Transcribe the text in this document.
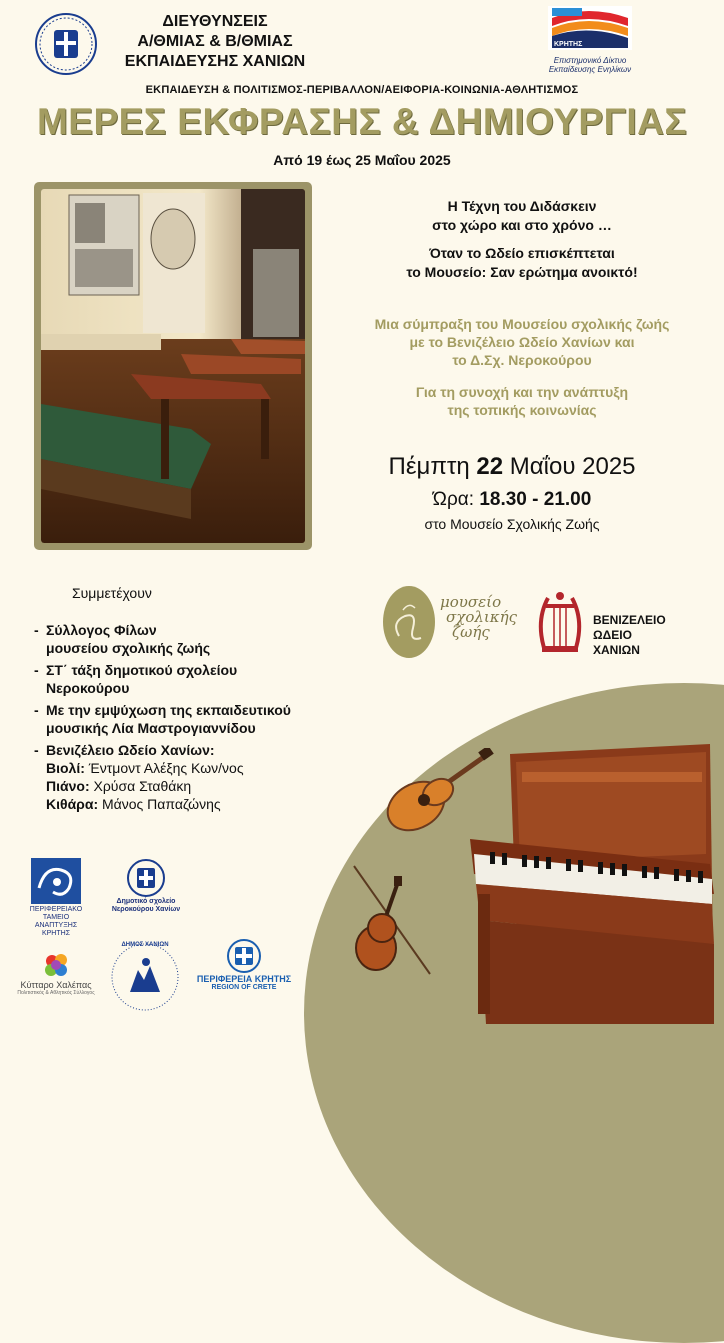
ΔΙΕΥΘΥΝΣΕΙΣ
Α/ΘΜΙΑΣ & Β/ΘΜΙΑΣ
ΕΚΠΑΙΔΕΥΣΗΣ ΧΑΝΙΩΝ
ΚΡΗΤΗΣ
Επιστημονικό Δίκτυο
Εκπαίδευσης Ενηλίκων
ΕΚΠΑΙΔΕΥΣΗ & ΠΟΛΙΤΙΣΜΟΣ-ΠΕΡΙΒΑΛΛΟΝ/ΑΕΙΦΟΡΙΑ-ΚΟΙΝΩΝΙΑ-ΑΘΛΗΤΙΣΜΟΣ
ΜΕΡΕΣ ΕΚΦΡΑΣΗΣ & ΔΗΜΙΟΥΡΓΙΑΣ
Από 19 έως 25 Μαΐου 2025
Η Τέχνη του Διδάσκειν
στο χώρο και στο χρόνο …
Όταν το Ωδείο επισκέπτεται
το Μουσείο: Σαν ερώτημα ανοικτό!
Μια σύμπραξη του Μουσείου σχολικής ζωής
με το Βενιζέλειο Ωδείο Χανίων και
το Δ.Σχ. Νεροκούρου
Για τη συνοχή και την ανάπτυξη
της τοπικής κοινωνίας
Πέμπτη 22 Μαΐου 2025
Ώρα: 18.30 - 21.00
στο Μουσείο Σχολικής Ζωής
Συμμετέχουν
- Σύλλογος Φίλων
μουσείου σχολικής ζωής
- ΣΤ΄ τάξη δημοτικού σχολείου
Νεροκούρου
- Με την εμψύχωση της εκπαιδευτικού
μουσικής Λία Μαστρογιαννίδου
- Βενιζέλειο Ωδείο Χανίων:
Βιολί: Έντμοντ Αλέξης Κων/νος
Πιάνο: Χρύσα Σταθάκη
Κιθάρα: Μάνος Παπαζώνης
μουσείο
σχολικής
ζωής
ΒΕΝΙΖΕΛΕΙΟ
ΩΔΕΙΟ
ΧΑΝΙΩΝ
ΠΕΡΙΦΕΡΕΙΑΚΟ
ΤΑΜΕΙΟ
ΑΝΑΠΤΥΞΗΣ
ΚΡΗΤΗΣ
Δημοτικό σχολείο
Νεροκούρου Χανίων
Κύτταρο Χαλέπας
Πολιτιστικός & Αθλητικός Σύλλογος
ΔΗΜΟΣ ΧΑΝΙΩΝ
ΠΕΡΙΦΕΡΕΙΑ ΚΡΗΤΗΣ
REGION OF CRETE
